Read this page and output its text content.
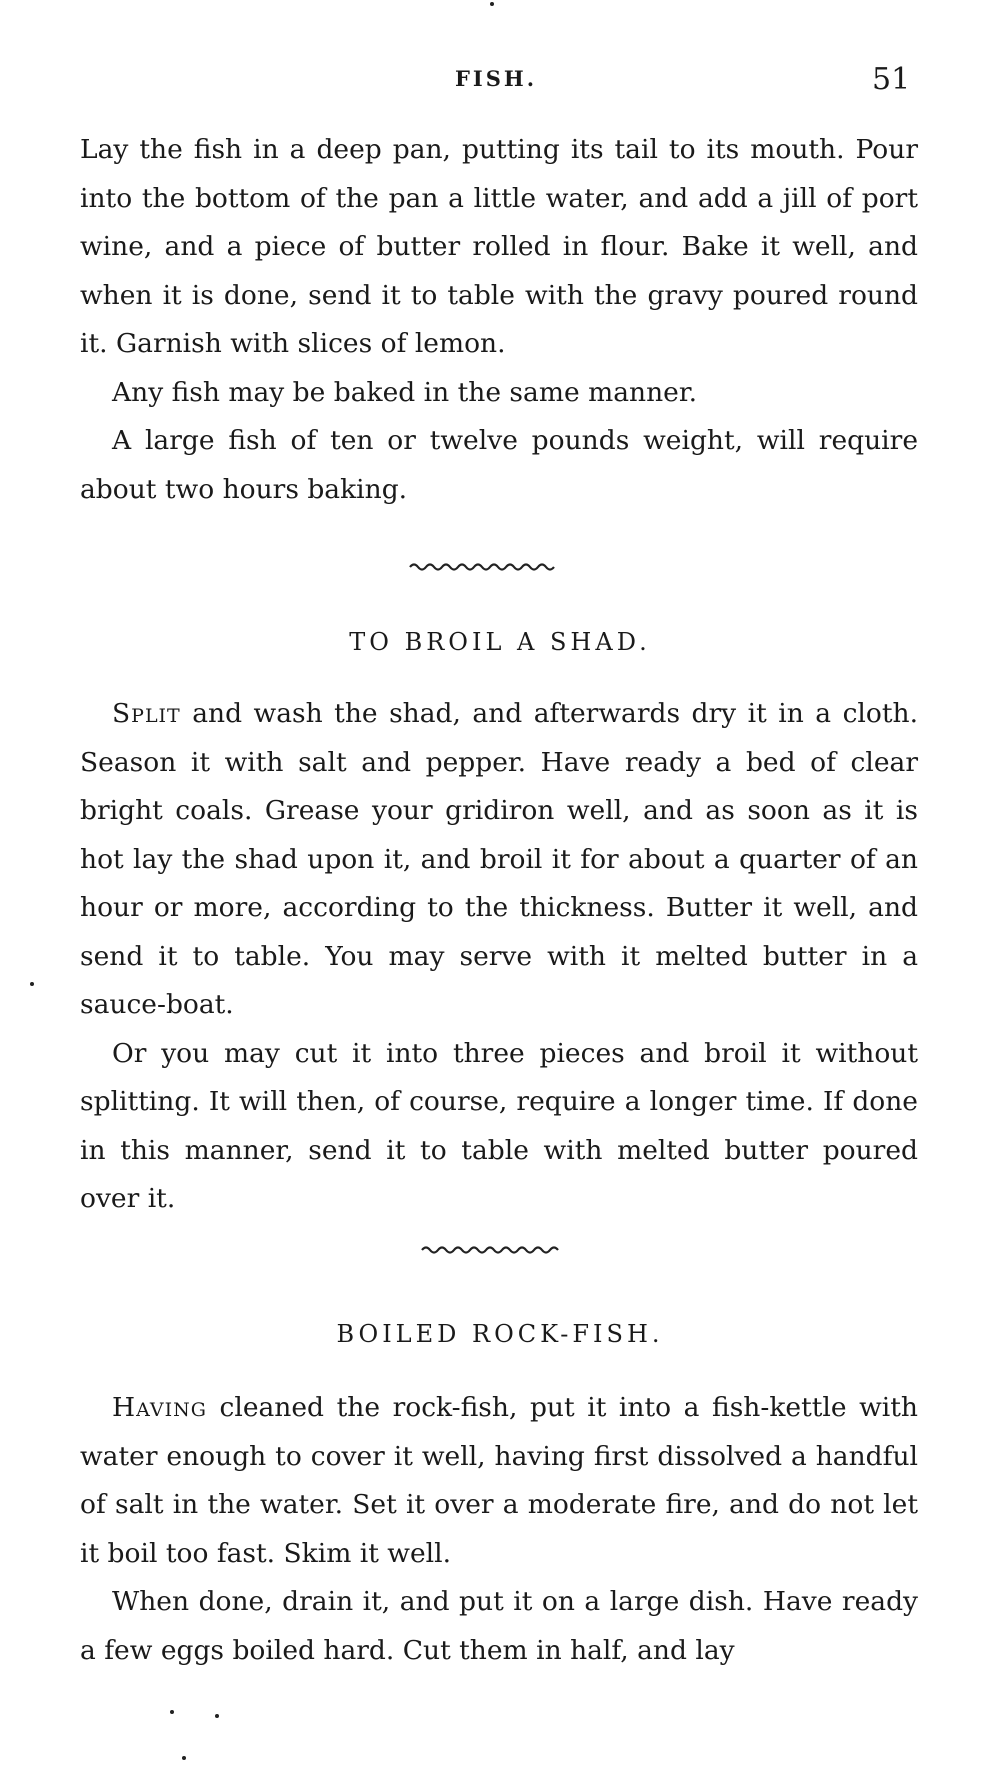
FISH.	51

Lay the fish in a deep pan, putting its tail to its mouth. Pour into the bottom of the pan a little water, and add a jill of port wine, and a piece of butter rolled in flour. Bake it well, and when it is done, send it to table with the gravy poured round it. Garnish with slices of lemon.

Any fish may be baked in the same manner.

A large fish of ten or twelve pounds weight, will require about two hours baking.

TO BROIL A SHAD.

Split and wash the shad, and afterwards dry it in a cloth. Season it with salt and pepper. Have ready a bed of clear bright coals. Grease your gridiron well, and as soon as it is hot lay the shad upon it, and broil it for about a quarter of an hour or more, according to the thickness. Butter it well, and send it to table. You may serve with it melted butter in a sauce-boat.

Or you may cut it into three pieces and broil it without splitting. It will then, of course, require a longer time. If done in this manner, send it to table with melted butter poured over it.

BOILED ROCK-FISH.

Having cleaned the rock-fish, put it into a fish-kettle with water enough to cover it well, having first dissolved a handful of salt in the water. Set it over a moderate fire, and do not let it boil too fast. Skim it well.

When done, drain it, and put it on a large dish. Have ready a few eggs boiled hard. Cut them in half, and lay
